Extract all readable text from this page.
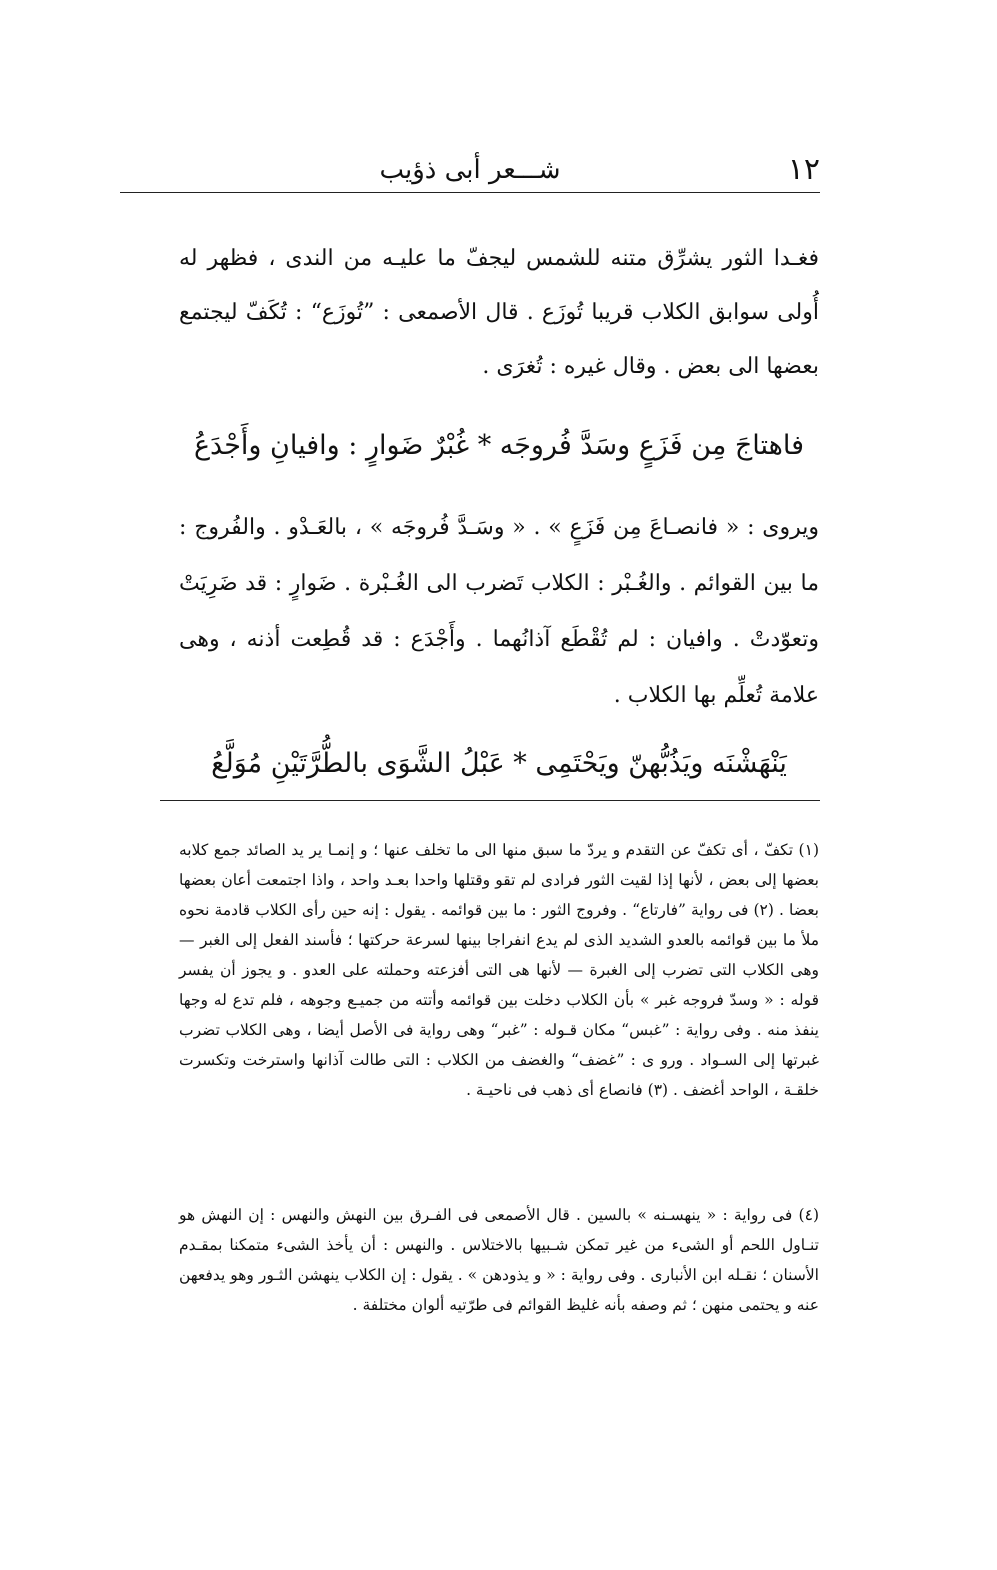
١٢
شـــعر أبى ذؤيب
فغـدا الثور يشرِّق متنه للشمس ليجفّ ما عليـه من الندى ، فظهر له أُولى سوابق الكلاب قريبا تُوزَع . قال الأصمعى : ”تُوزَع“ : تُكَفّ ليجتمع بعضها الى بعض . وقال غيره : تُغرَى .
فاهتاجَ مِن فَزَعٍ وسَدَّ فُروجَه * غُبْرٌ ضَوارٍ : وافيانِ وأَجْدَعُ
ويروى : « فانصـاعَ مِن فَزَعٍ » . « وسَـدَّ فُروجَه » ، بالعَـدْو . والفُروج : ما بين القوائم . والغُـبْر : الكلاب تَضرب الى الغُـبْرة . ضَوارٍ : قد ضَرِيَتْ وتعوّدتْ . وافيان : لم تُقْطَع آذانُهما . وأَجْدَع : قد قُطِعت أذنه ، وهى علامة تُعلِّم بها الكلاب .
يَنْهَشْنَه ويَذُبُّهنّ ويَحْتَمِى * عَبْلُ الشَّوَى بالطُّرَّتَيْنِ مُوَلَّعُ
(١) تكفّ ، أى تكفّ عن التقدم و يردّ ما سبق منها الى ما تخلف عنها ؛ و إنمـا ير يد الصائد جمع كلابه بعضها إلى بعض ، لأنها إذا لقيت الثور فرادى لم تقو وقتلها واحدا بعـد واحد ، واذا اجتمعت أعان بعضها بعضا . (٢) فى رواية ”فارتاع“ . وفروج الثور : ما بين قوائمه . يقول : إنه حين رأى الكلاب قادمة نحوه ملأ ما بين قوائمه بالعدو الشديد الذى لم يدع انفراجا بينها لسرعة حركتها ؛ فأسند الفعل إلى الغبر — وهى الكلاب التى تضرب إلى الغبرة — لأنها هى التى أفزعته وحملته على العدو . و يجوز أن يفسر قوله : « وسدّ فروجه غبر » بأن الكلاب دخلت بين قوائمه وأتته من جميـع وجوهه ، فلم تدع له وجها ينفذ منه . وفى رواية : ”غبس“ مكان قـوله : ”غبر“ وهى رواية فى الأصل أيضا ، وهى الكلاب تضرب غبرتها إلى السـواد . ورو ى : ”غضف“ والغضف من الكلاب : التى طالت آذانها واسترخت وتكسرت خلقـة ، الواحد أغضف . (٣) فانصاع أى ذهب فى ناحيـة .
(٤) فى رواية : « ينهسـنه » بالسين . قال الأصمعى فى الفـرق بين النهش والنهس : إن النهش هو تنـاول اللحم أو الشىء من غير تمكن شـبيها بالاختلاس . والنهس : أن يأخذ الشىء متمكنا بمقـدم الأسنان ؛ نقـله ابن الأنبارى . وفى رواية : « و يذودهن » . يقول : إن الكلاب ينهشن الثـور وهو يدفعهن عنه و يحتمى منهن ؛ ثم وصفه بأنه غليظ القوائم فى طرّتيه ألوان مختلفة .
